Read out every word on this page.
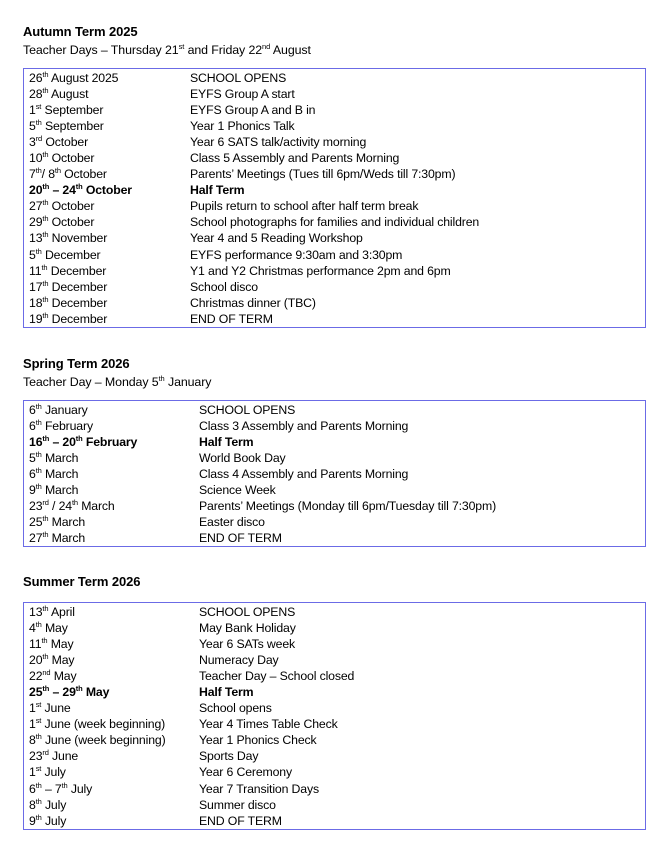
Autumn Term 2025

Teacher Days – Thursday 21st and Friday 22nd August

26th August 2025	SCHOOL OPENS
28th August	EYFS Group A start
1st September	EYFS Group A and B in
5th September	Year 1 Phonics Talk
3rd October	Year 6 SATS talk/activity morning
10th October	Class 5 Assembly and Parents Morning
7th/ 8th October	Parents’ Meetings (Tues till 6pm/Weds till 7:30pm)
20th – 24th October	Half Term
27th October	Pupils return to school after half term break
29th October	School photographs for families and individual children
13th November	Year 4 and 5 Reading Workshop
5th December	EYFS performance 9:30am and 3:30pm
11th December	Y1 and Y2 Christmas performance 2pm and 6pm
17th December	School disco
18th December	Christmas dinner (TBC)
19th December	END OF TERM
Spring Term 2026

Teacher Day – Monday 5th January

6th January	SCHOOL OPENS
6th February	Class 3 Assembly and Parents Morning
16th – 20th February	Half Term
5th March	World Book Day
6th March	Class 4 Assembly and Parents Morning
9th March	Science Week
23rd / 24th March	Parents’ Meetings (Monday till 6pm/Tuesday till 7:30pm)
25th March	Easter disco
27th March	END OF TERM
Summer Term 2026
13th April	SCHOOL OPENS
4th May	May Bank Holiday
11th May	Year 6 SATs week
20th May	Numeracy Day
22nd May	Teacher Day – School closed
25th – 29th May	Half Term
1st June	School opens
1st June (week beginning)	Year 4 Times Table Check
8th June (week beginning)	Year 1 Phonics Check
23rd June	Sports Day
1st July	Year 6 Ceremony
6th – 7th July	Year 7 Transition Days
8th July	Summer disco
9th July	END OF TERM
